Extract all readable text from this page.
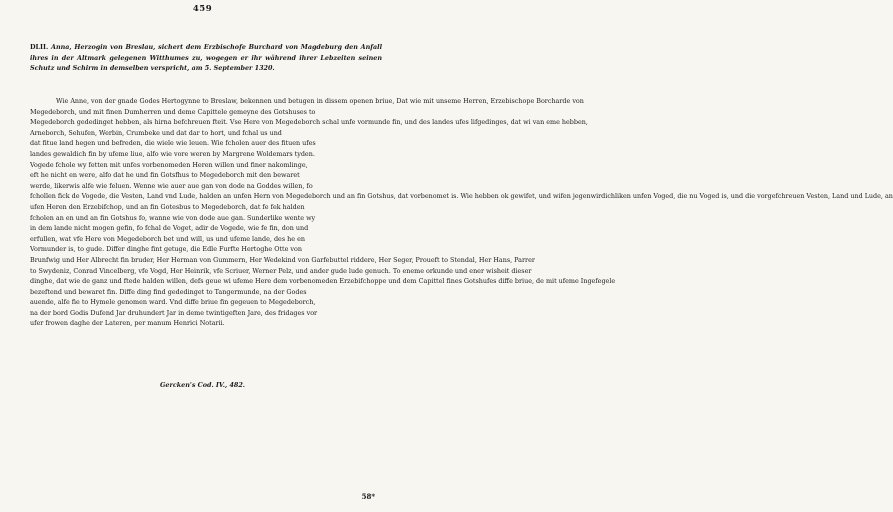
459
DLII. Anna, Herzogin von Breslau, sichert dem Erzbischofe Burchard von Magdeburg den Anfall ihres in der Altmark gelegenen Witthumes zu, wogegen er ihr während ihrer Lebzeiten seinen Schutz und Schirm in demselben verspricht, am 5. September 1320.
Wie Anne, von der gnade Godes Hertogynne to Breslaw, bekennen und betugen in dissem openen briue, Dat wie mit unseme Herren, Erzebischope Borcharde von
Megedeborch, und mit finen Dumherren und deme Capittele gemeyne des Gotshuses to
Megedeborch gededinget hebben, als hirna befchreuen fteit. Vse Here von Megedeborch schal unfe vormunde fin, und des landes ufes lifgedinges, dat wi van eme hebben,
Arneborch, Sehufen, Werbin, Crumbeke und dat dar to hort, und fchal us und
dat fitue land hegen und befreden, die wiele wie leuen. Wie fcholen auer des fituen ufes
landes gewaldich fin by ufeme liue, alfo wie vore weren by Margrene Woldemars tyden.
Vogede fchole wy fetten mit unfes vorbenomeden Heren willen und finer nakomlinge,
eft he nicht en were, alfo dat he und fin Gotsfhus to Megedeborch mit den bewaret
werde, likerwis alfe wie feluen. Wenne wie auer aue gan von dode na Goddes willen, fo
fchollen fick de Vogede, die Vesten, Land vnd Lude, halden an unfen Hern von Megedeborch und an fin Gotshus, dat vorbenomet is. Wie hebben ok gewifet, und wifen jegenwirdichliken unfen Voged, die nu Voged is, und die vorgefchreuen Vesten, Land und Lude, an
ufen Heren den Erzebifchop, und an fin Gotesbus to Megedeborch, dat fe fek halden
fcholen an en und an fin Gotshus fo, wanne wie von dode aue gan. Sunderlike wente wy
in dem lande nicht mogen gefin, fo fchal de Voget, adir de Vogede, wie fe fin, don und
erfullen, wat vfe Here von Megedeborch bet und will, us und ufeme lande, des he en
Vormunder is, to gude. Differ dinghe fint getuge, die Edle Furfte Hertoghe Otte von
Brunfwig und Her Albrecht fin bruder, Her Herman von Gummern, Her Wedekind von Garfebuttel riddere, Her Seger, Proueft to Stendal, Her Hans, Parrer
to Swydeniz, Conrad Vincelberg, vfe Vogd, Her Heinrik, vfe Scriuer, Werner Pelz, und ander gude lude genuch. To eneme orkunde und ener wisheit dieser
dinghe, dat wie de ganz und ftede halden willen, defs geue wi ufeme Here dem vorbenomeden Erzebifchoppe und dem Capittel fines Gotshufes diffe briue, de mit ufeme Ingefegele
bezeftend und bewaret fin. Diffe ding find gededinget to Tangermunde, na der Godes
auende, alfe fie to Hymele genomen ward. Vnd diffe briue fin gegeuen to Megedeborch,
na der bord Godis Dufend Jar druhundert Jar in deme twintigeften Jare, des fridages vor
ufer frowen daghe der Lateren, per manum Henrici Notarii.
Gercken's Cod. IV., 482.
58*
